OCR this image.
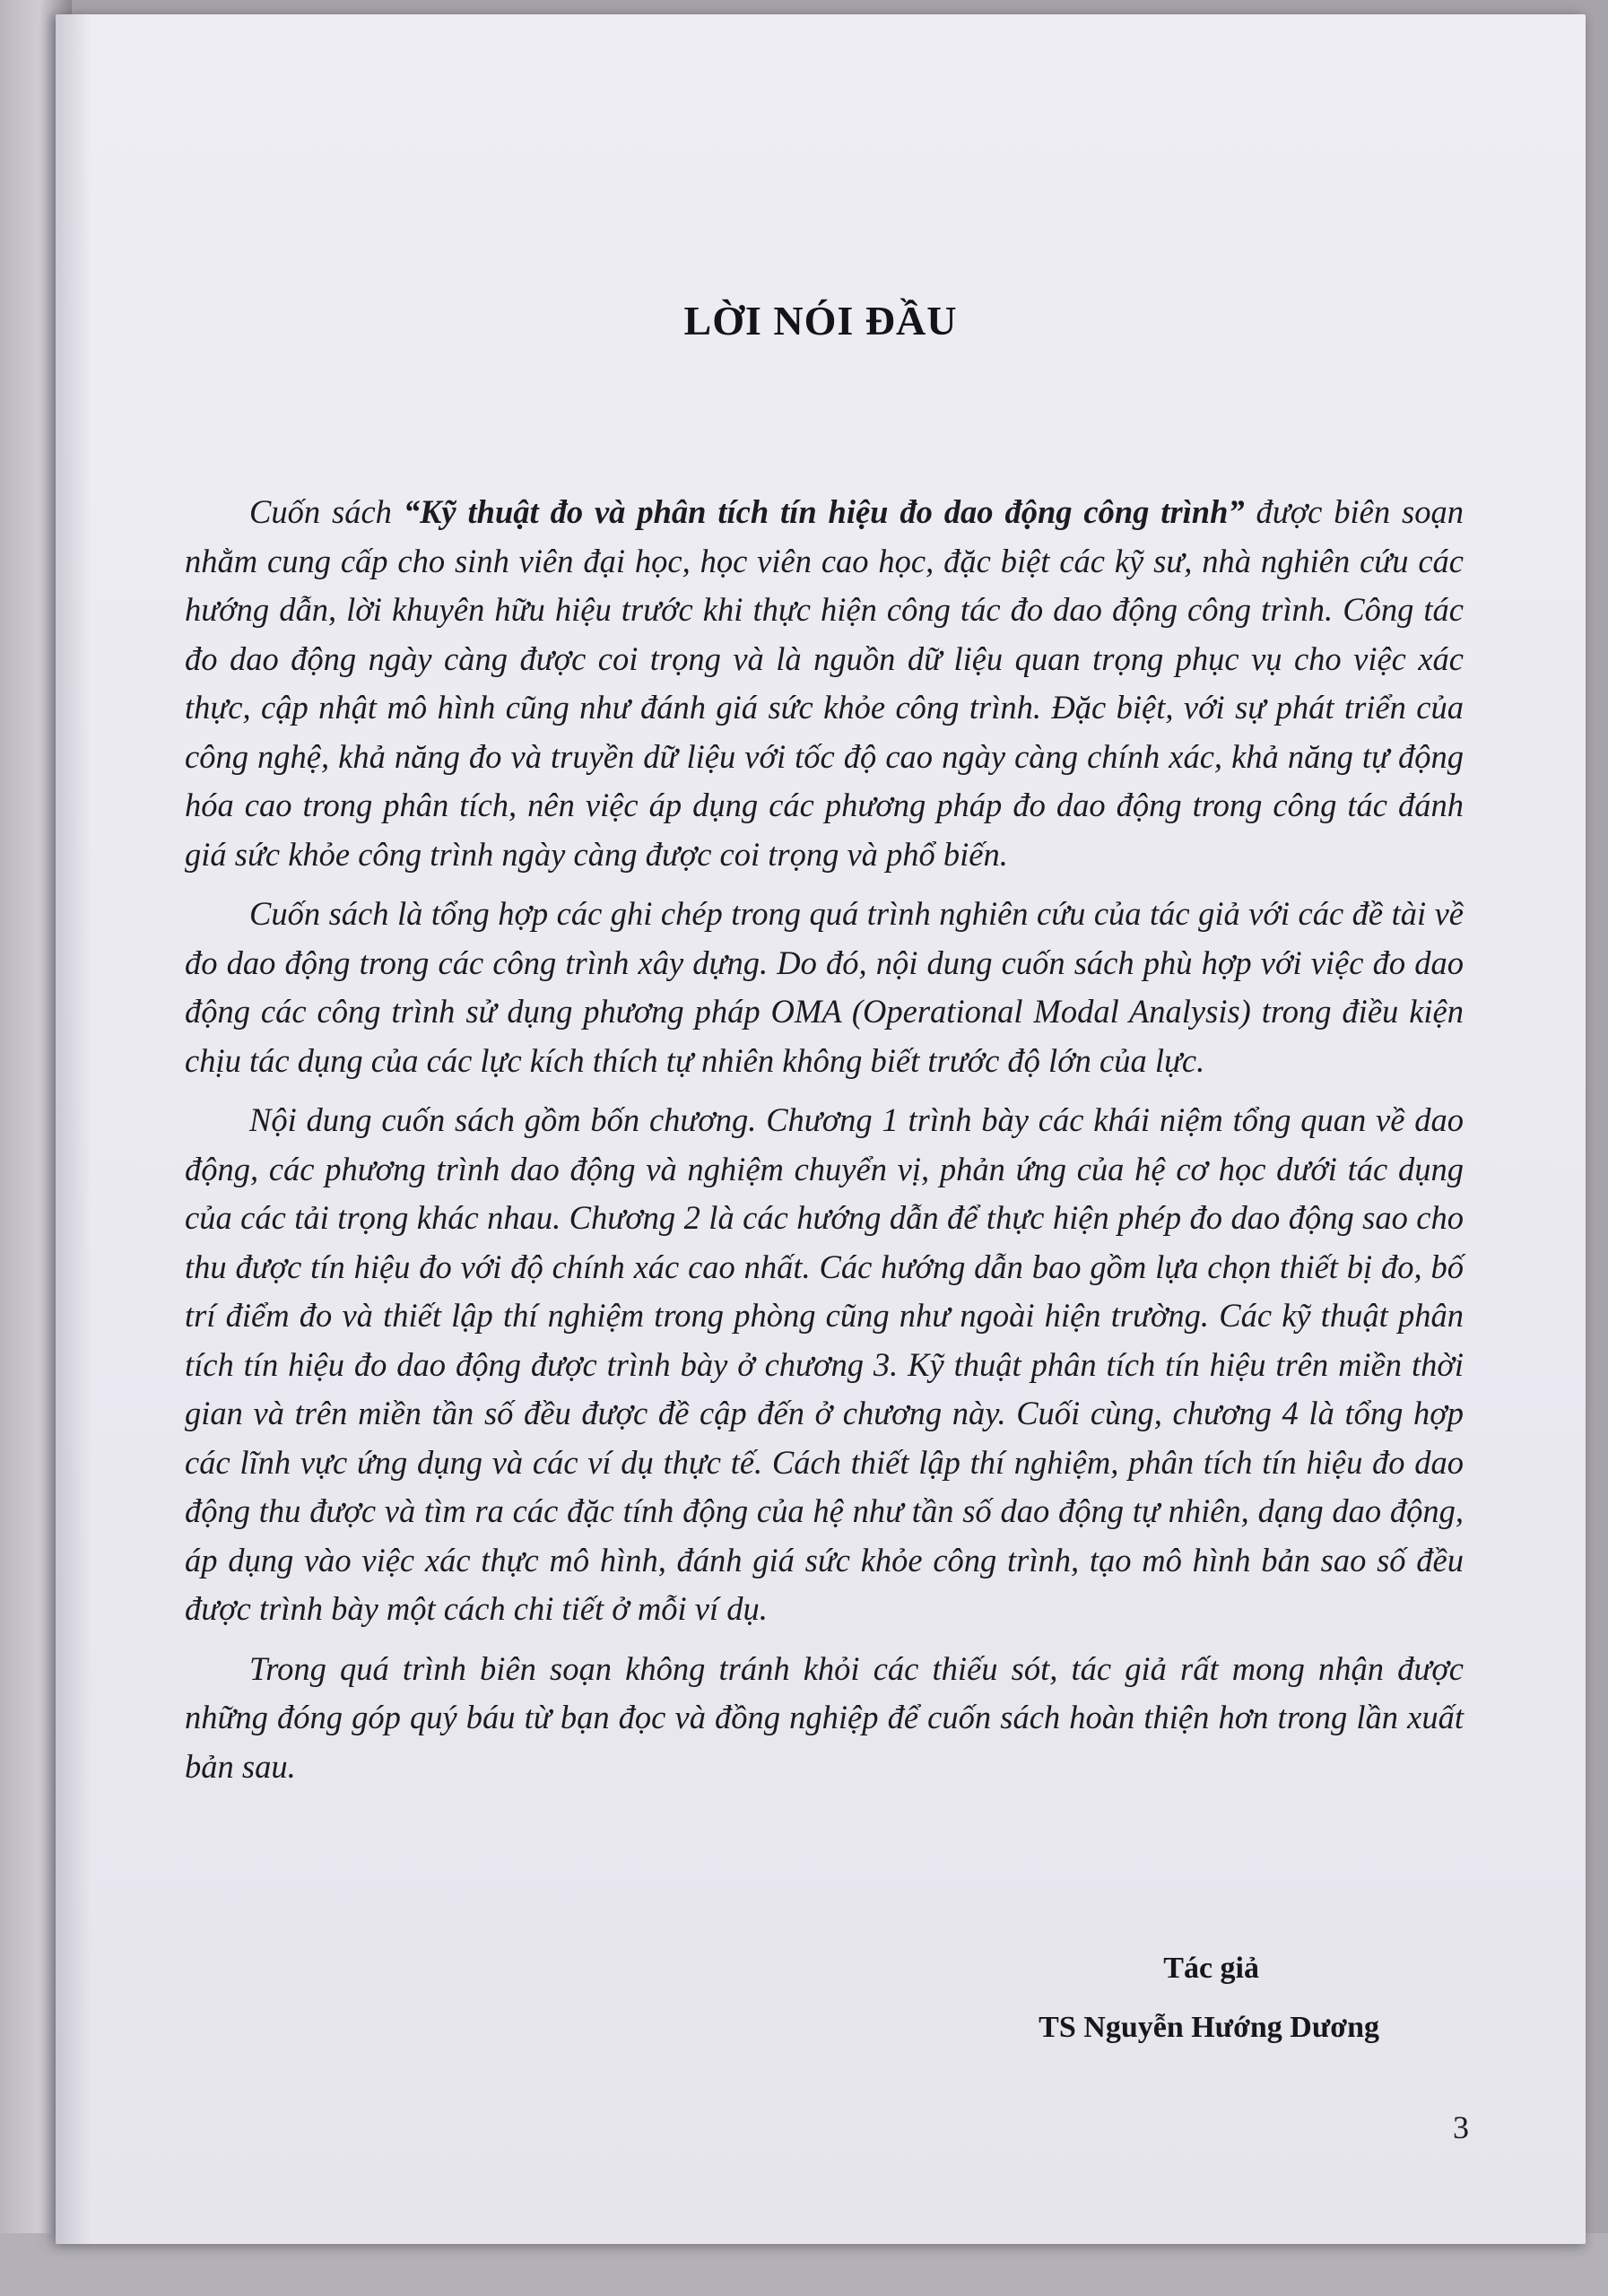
LỜI NÓI ĐẦU

Cuốn sách “Kỹ thuật đo và phân tích tín hiệu đo dao động công trình” được biên soạn nhằm cung cấp cho sinh viên đại học, học viên cao học, đặc biệt các kỹ sư, nhà nghiên cứu các hướng dẫn, lời khuyên hữu hiệu trước khi thực hiện công tác đo dao động công trình. Công tác đo dao động ngày càng được coi trọng và là nguồn dữ liệu quan trọng phục vụ cho việc xác thực, cập nhật mô hình cũng như đánh giá sức khỏe công trình. Đặc biệt, với sự phát triển của công nghệ, khả năng đo và truyền dữ liệu với tốc độ cao ngày càng chính xác, khả năng tự động hóa cao trong phân tích, nên việc áp dụng các phương pháp đo dao động trong công tác đánh giá sức khỏe công trình ngày càng được coi trọng và phổ biến.

Cuốn sách là tổng hợp các ghi chép trong quá trình nghiên cứu của tác giả với các đề tài về đo dao động trong các công trình xây dựng. Do đó, nội dung cuốn sách phù hợp với việc đo dao động các công trình sử dụng phương pháp OMA (Operational Modal Analysis) trong điều kiện chịu tác dụng của các lực kích thích tự nhiên không biết trước độ lớn của lực.

Nội dung cuốn sách gồm bốn chương. Chương 1 trình bày các khái niệm tổng quan về dao động, các phương trình dao động và nghiệm chuyển vị, phản ứng của hệ cơ học dưới tác dụng của các tải trọng khác nhau. Chương 2 là các hướng dẫn để thực hiện phép đo dao động sao cho thu được tín hiệu đo với độ chính xác cao nhất. Các hướng dẫn bao gồm lựa chọn thiết bị đo, bố trí điểm đo và thiết lập thí nghiệm trong phòng cũng như ngoài hiện trường. Các kỹ thuật phân tích tín hiệu đo dao động được trình bày ở chương 3. Kỹ thuật phân tích tín hiệu trên miền thời gian và trên miền tần số đều được đề cập đến ở chương này. Cuối cùng, chương 4 là tổng hợp các lĩnh vực ứng dụng và các ví dụ thực tế. Cách thiết lập thí nghiệm, phân tích tín hiệu đo dao động thu được và tìm ra các đặc tính động của hệ như tần số dao động tự nhiên, dạng dao động, áp dụng vào việc xác thực mô hình, đánh giá sức khỏe công trình, tạo mô hình bản sao số đều được trình bày một cách chi tiết ở mỗi ví dụ.

Trong quá trình biên soạn không tránh khỏi các thiếu sót, tác giả rất mong nhận được những đóng góp quý báu từ bạn đọc và đồng nghiệp để cuốn sách hoàn thiện hơn trong lần xuất bản sau.

Tác giả
TS Nguyễn Hướng Dương
3
